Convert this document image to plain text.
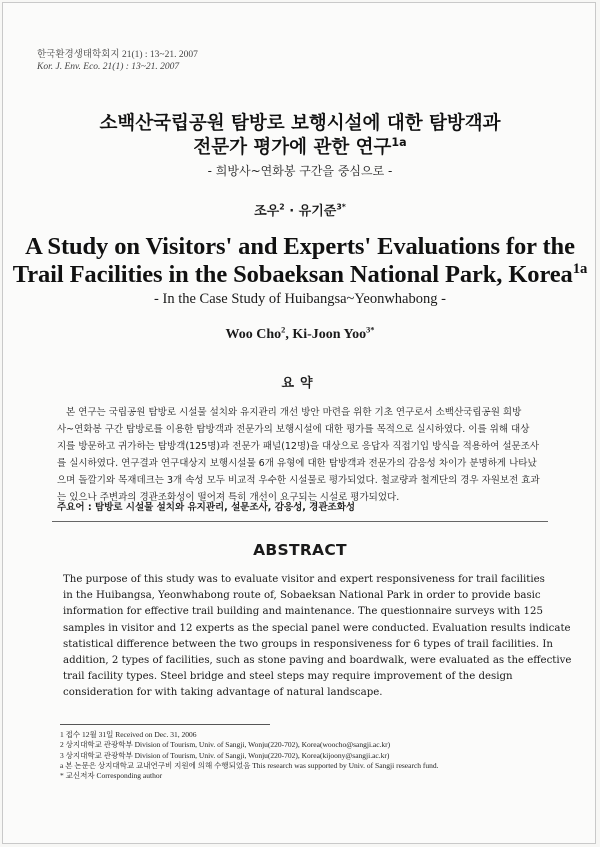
한국환경생태학회지 21(1) : 13~21. 2007
Kor. J. Env. Eco. 21(1) : 13~21. 2007
소백산국립공원 탐방로 보행시설에 대한 탐방객과
전문가 평가에 관한 연구$^{1a}$
- 희방사~연화봉 구간을 중심으로 -
조우$^2$ · 유기준$^{3*}$
A Study on Visitors' and Experts' Evaluations for the
Trail Facilities in the Sobaeksan National Park, Korea$^{1a}$
- In the Case Study of Huibangsa~Yeonwhabong -
Woo Cho$^2$, Ki-Joon Yoo$^{3*}$
요약
본 연구는 국립공원 탐방로 시설물 설치와 유지관리 개선 방안 마련을 위한 기초 연구로서 소백산국립공원 희방
사~연화봉 구간 탐방로를 이용한 탐방객과 전문가의 보행시설에 대한 평가를 목적으로 실시하였다. 이를 위해 대상
지를 방문하고 귀가하는 탐방객(125명)과 전문가 패널(12명)을 대상으로 응답자 직접기입 방식을 적용하여 설문조사
를 실시하였다. 연구결과 연구대상지 보행시설물 6개 유형에 대한 탐방객과 전문가의 감응성 차이가 분명하게 나타났
으며 돌깔기와 목재데크는 3개 속성 모두 비교적 우수한 시설물로 평가되었다. 철교량과 철계단의 경우 자원보전 효과
는 있으나 주변과의 경관조화성이 떨어져 특히 개선이 요구되는 시설로 평가되었다.
주요어 : 탐방로 시설물 설치와 유지관리, 설문조사, 감응성, 경관조화성
ABSTRACT
The purpose of this study was to evaluate visitor and expert responsiveness for trail facilities
in the Huibangsa, Yeonwhabong route of, Sobaeksan National Park in order to provide basic
information for effective trail building and maintenance. The questionnaire surveys with 125
samples in visitor and 12 experts as the special panel were conducted. Evaluation results indicate
statistical difference between the two groups in responsiveness for 6 types of trail facilities. In
addition, 2 types of facilities, such as stone paving and boardwalk, were evaluated as the effective
trail facility types. Steel bridge and steel steps may require improvement of the design
consideration for with taking advantage of natural landscape.
1 접수 12월 31일 Received on Dec. 31, 2006
2 상지대학교 관광학부 Division of Tourism, Univ. of Sangji, Wonju(220-702), Korea(woocho@sangji.ac.kr)
3 상지대학교 관광학부 Division of Tourism, Univ. of Sangji, Wonju(220-702), Korea(kijoony@sangji.ac.kr)
a 본 논문은 상지대학교 교내연구비 지원에 의해 수행되었음 This research was supported by Univ. of Sangji research fund.
* 교신저자 Corresponding author
